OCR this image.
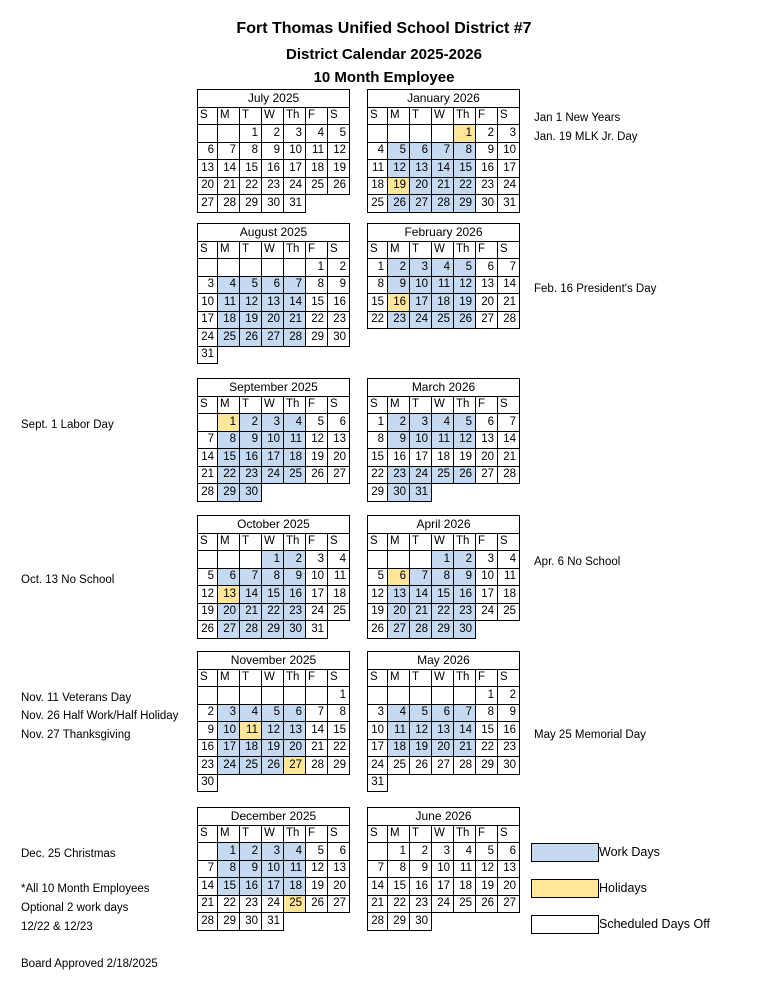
Fort Thomas Unified School District #7
District Calendar 2025-2026
10 Month Employee
July 2025						
S	M	T	W	Th	F	S
		1	2	3	4	5
6	7	8	9	10	11	12
13	14	15	16	17	18	19
20	21	22	23	24	25	26
27	28	29	30	31		
August 2025						
S	M	T	W	Th	F	S
					1	2
3	4	5	6	7	8	9
10	11	12	13	14	15	16
17	18	19	20	21	22	23
24	25	26	27	28	29	30
31						
September 2025						
S	M	T	W	Th	F	S
	1	2	3	4	5	6
7	8	9	10	11	12	13
14	15	16	17	18	19	20
21	22	23	24	25	26	27
28	29	30				
October 2025						
S	M	T	W	Th	F	S
			1	2	3	4
5	6	7	8	9	10	11
12	13	14	15	16	17	18
19	20	21	22	23	24	25
26	27	28	29	30	31	
November 2025						
S	M	T	W	Th	F	S
						1
2	3	4	5	6	7	8
9	10	11	12	13	14	15
16	17	18	19	20	21	22
23	24	25	26	27	28	29
30						
December 2025						
S	M	T	W	Th	F	S
	1	2	3	4	5	6
7	8	9	10	11	12	13
14	15	16	17	18	19	20
21	22	23	24	25	26	27
28	29	30	31			
January 2026						
S	M	T	W	Th	F	S
				1	2	3
4	5	6	7	8	9	10
11	12	13	14	15	16	17
18	19	20	21	22	23	24
25	26	27	28	29	30	31
February 2026						
S	M	T	W	Th	F	S
1	2	3	4	5	6	7
8	9	10	11	12	13	14
15	16	17	18	19	20	21
22	23	24	25	26	27	28
March 2026						
S	M	T	W	Th	F	S
1	2	3	4	5	6	7
8	9	10	11	12	13	14
15	16	17	18	19	20	21
22	23	24	25	26	27	28
29	30	31				
April 2026						
S	M	T	W	Th	F	S
			1	2	3	4
5	6	7	8	9	10	11
12	13	14	15	16	17	18
19	20	21	22	23	24	25
26	27	28	29	30		
May 2026						
S	M	T	W	Th	F	S
					1	2
3	4	5	6	7	8	9
10	11	12	13	14	15	16
17	18	19	20	21	22	23
24	25	26	27	28	29	30
31						
June 2026						
S	M	T	W	Th	F	S
	1	2	3	4	5	6
7	8	9	10	11	12	13
14	15	16	17	18	19	20
21	22	23	24	25	26	27
28	29	30				
Sept. 1 Labor Day
Oct. 13 No School
Nov. 11 Veterans Day
Nov. 26 Half Work/Half Holiday
Nov. 27 Thanksgiving
Dec. 25 Christmas
*All 10 Month Employees
Optional 2 work days
12/22 & 12/23
Board Approved 2/18/2025
Jan 1 New Years
Jan. 19 MLK Jr. Day
Feb. 16 President's Day
Apr. 6 No School
May 25 Memorial Day
Work Days
Holidays
Scheduled Days Off
